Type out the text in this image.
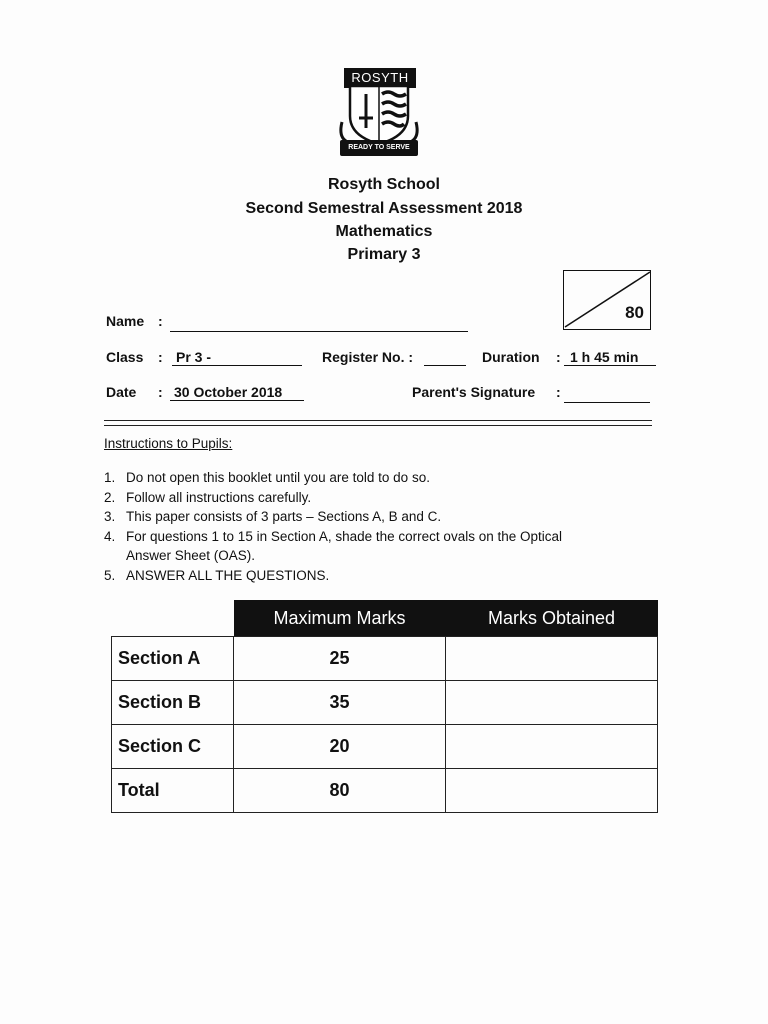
ROSYTH
READY TO SERVE
Rosyth School
Second Semestral Assessment 2018
Mathematics
Primary 3
80
Name :
Class : Pr 3 -	Register No. :	Duration : 1 h 45 min
Date : 30 October 2018	Parent's Signature :
Instructions to Pupils:
1. Do not open this booklet until you are told to do so.
2. Follow all instructions carefully.
3. This paper consists of 3 parts – Sections A, B and C.
4. For questions 1 to 15 in Section A, shade the correct ovals on the Optical Answer Sheet (OAS).
5. ANSWER ALL THE QUESTIONS.
	Maximum Marks	Marks Obtained
Section A	25	
Section B	35	
Section C	20	
Total	80	
